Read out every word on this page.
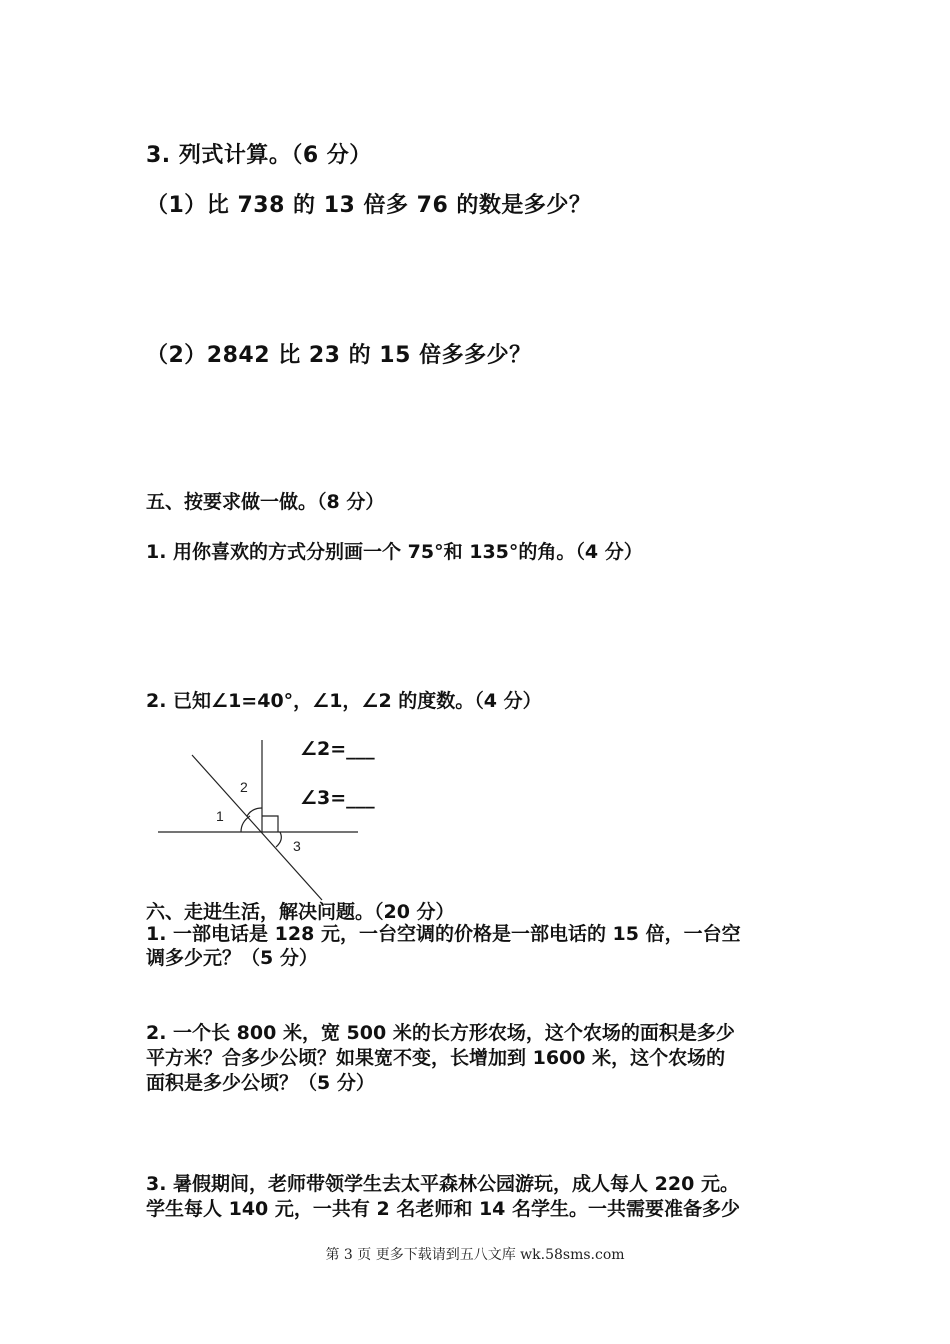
3. 列式计算。（6 分）

（1）比 738 的 13 倍多 76 的数是多少？

（2）2842 比 23 的 15 倍多多少？

五、按要求做一做。（8 分）

1. 用你喜欢的方式分别画一个 75°和 135°的角。（4 分）

2. 已知∠1=40°，∠1，∠2 的度数。（4 分）

∠2=___

∠3=___

1
2
3

六、走进生活，解决问题。（20 分）

1. 一部电话是 128 元，一台空调的价格是一部电话的 15 倍，一台空

调多少元？（5 分）

2. 一个长 800 米，宽 500 米的长方形农场，这个农场的面积是多少

平方米？合多少公顷？如果宽不变，长增加到 1600 米，这个农场的

面积是多少公顷？（5 分）

3. 暑假期间，老师带领学生去太平森林公园游玩，成人每人 220 元。

学生每人 140 元，一共有 2 名老师和 14 名学生。一共需要准备多少

第 3 页 更多下载请到五八文库 wk.58sms.com
